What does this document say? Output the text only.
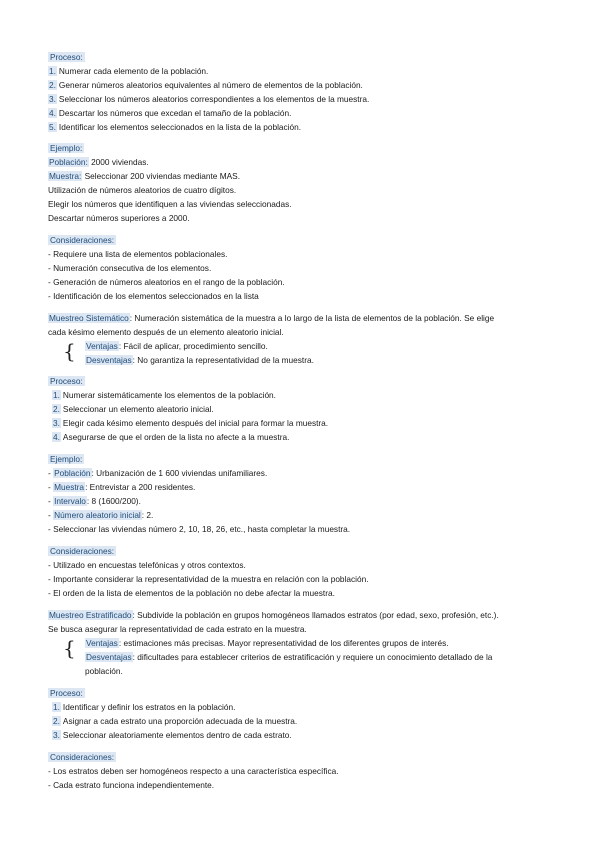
Proceso:
1. Numerar cada elemento de la población.
2. Generar números aleatorios equivalentes al número de elementos de la población.
3. Seleccionar los números aleatorios correspondientes a los elementos de la muestra.
4. Descartar los números que excedan el tamaño de la población.
5. Identificar los elementos seleccionados en la lista de la población.
Ejemplo:
Población: 2000 viviendas.
Muestra: Seleccionar 200 viviendas mediante MAS.
Utilización de números aleatorios de cuatro dígitos.
Elegir los números que identifiquen a las viviendas seleccionadas.
Descartar números superiores a 2000.
Consideraciones:
- Requiere una lista de elementos poblacionales.
- Numeración consecutiva de los elementos.
- Generación de números aleatorios en el rango de la población.
- Identificación de los elementos seleccionados en la lista
Muestreo Sistemático: Numeración sistemática de la muestra a lo largo de la lista de elementos de la población. Se elige
cada késimo elemento después de un elemento aleatorio inicial.
{ Ventajas: Fácil de aplicar, procedimiento sencillo.
Desventajas: No garantiza la representatividad de la muestra.
Proceso:
1. Numerar sistemáticamente los elementos de la población.
2. Seleccionar un elemento aleatorio inicial.
3. Elegir cada késimo elemento después del inicial para formar la muestra.
4. Asegurarse de que el orden de la lista no afecte a la muestra.
Ejemplo:
- Población: Urbanización de 1 600 viviendas unifamiliares.
- Muestra: Entrevistar a 200 residentes.
- Intervalo: 8 (1600/200).
- Número aleatorio inicial: 2.
- Seleccionar las viviendas número 2, 10, 18, 26, etc., hasta completar la muestra.
Consideraciones:
- Utilizado en encuestas telefónicas y otros contextos.
- Importante considerar la representatividad de la muestra en relación con la población.
- El orden de la lista de elementos de la población no debe afectar la muestra.
Muestreo Estratificado: Subdivide la población en grupos homogéneos llamados estratos (por edad, sexo, profesión, etc.).
Se busca asegurar la representatividad de cada estrato en la muestra.
{ Ventajas: estimaciones más precisas. Mayor representatividad de los diferentes grupos de interés.
Desventajas: dificultades para establecer criterios de estratificación y requiere un conocimiento detallado de la
población.
Proceso:
1. Identificar y definir los estratos en la población.
2. Asignar a cada estrato una proporción adecuada de la muestra.
3. Seleccionar aleatoriamente elementos dentro de cada estrato.
Consideraciones:
- Los estratos deben ser homogéneos respecto a una característica específica.
- Cada estrato funciona independientemente.
